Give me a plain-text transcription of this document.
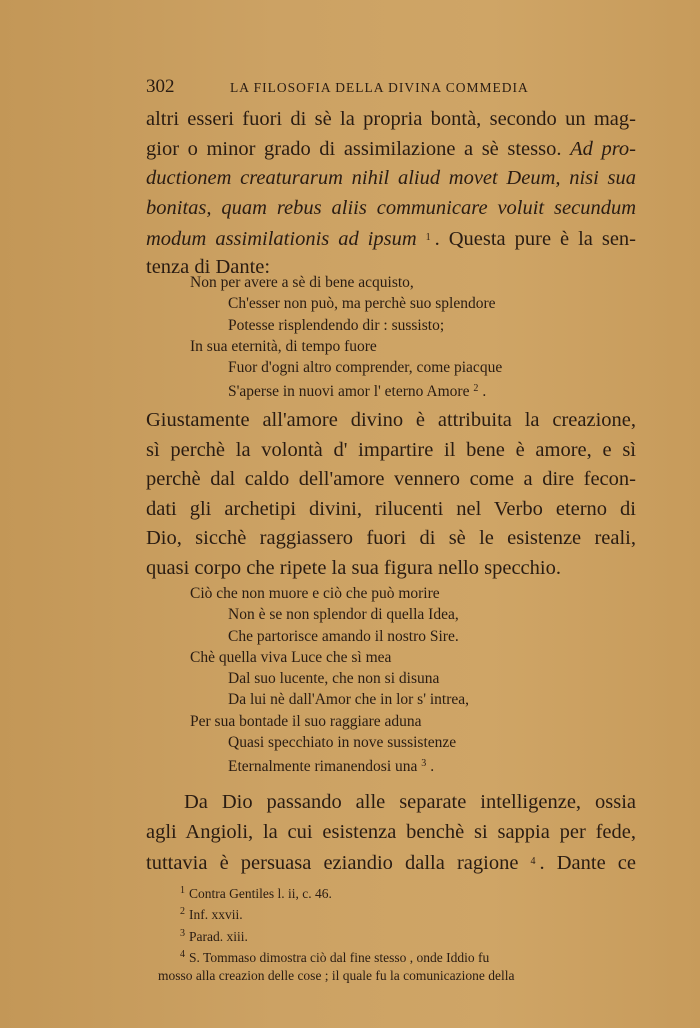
302	LA FILOSOFIA DELLA DIVINA COMMEDIA
altri esseri fuori di sè la propria bontà, secondo un mag-
gior o minor grado di assimilazione a sè stesso. Ad pro-
ductionem creaturarum nihil aliud movet Deum, nisi sua
bonitas, quam rebus aliis communicare voluit secundum
modum assimilationis ad ipsum $^1$ . Questa pure è la sen-
tenza di Dante:
Non per avere a sè di bene acquisto,
Ch'esser non può, ma perchè suo splendore
Potesse risplendendo dir : sussisto;
In sua eternità, di tempo fuore
Fuor d'ogni altro comprender, come piacque
S'aperse in nuovi amor l' eterno Amore $^2$ .
Giustamente all'amore divino è attribuita la creazione,
sì perchè la volontà d' impartire il bene è amore, e sì
perchè dal caldo dell'amore vennero come a dire fecon-
dati gli archetipi divini, rilucenti nel Verbo eterno di
Dio, sicchè raggiassero fuori di sè le esistenze reali,
quasi corpo che ripete la sua figura nello specchio.
Ciò che non muore e ciò che può morire
Non è se non splendor di quella Idea,
Che partorisce amando il nostro Sire.
Chè quella viva Luce che sì mea
Dal suo lucente, che non si disuna
Da lui nè dall'Amor che in lor s' intrea,
Per sua bontade il suo raggiare aduna
Quasi specchiato in nove sussistenze
Eternalmente rimanendosi una $^3$ .
Da Dio passando alle separate intelligenze, ossia
agli Angioli, la cui esistenza benchè si sappia per fede,
tuttavia è persuasa eziandio dalla ragione $^4$ . Dante ce
$^1$ Contra Gentiles l. ii, c. 46.
$^2$ Inf. xxvii.
$^3$ Parad. xiii.
$^4$ S. Tommaso dimostra ciò dal fine stesso , onde Iddio fu
mosso alla creazion delle cose ; il quale fu la comunicazione della
